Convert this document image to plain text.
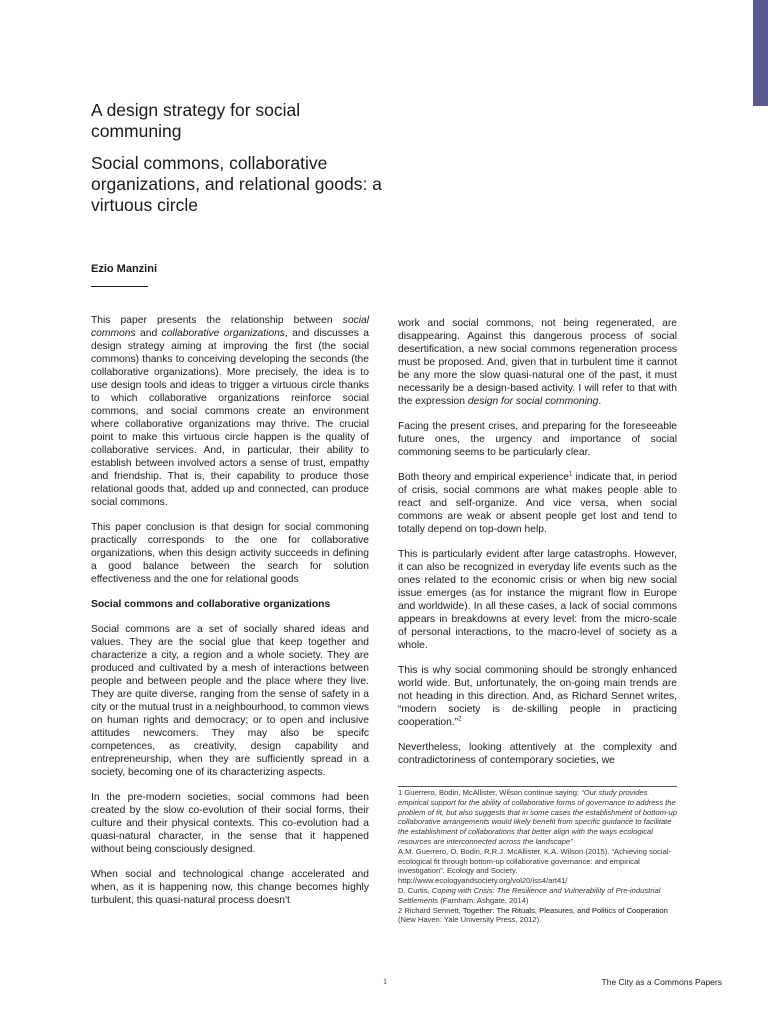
A design strategy for social communing
Social commons, collaborative organizations, and relational goods: a virtuous circle
Ezio Manzini

This paper presents the relationship between social commons and collaborative organizations, and discusses a design strategy aiming at improving the first (the social commons) thanks to conceiving developing the seconds (the collaborative organizations). More precisely, the idea is to use design tools and ideas to trigger a virtuous circle thanks to which collaborative organizations reinforce social commons, and social commons create an environment where collaborative organizations may thrive. The crucial point to make this virtuous circle happen is the quality of collaborative services. And, in particular, their ability to establish between involved actors a sense of trust, empathy and friendship. That is, their capability to produce those relational goods that, added up and connected, can produce social commons.

This paper conclusion is that design for social commoning practically corresponds to the one for collaborative organizations, when this design activity succeeds in defining a good balance between the search for solution effectiveness and the one for relational goods

Social commons and collaborative organizations

Social commons are a set of socially shared ideas and values. They are the social glue that keep together and characterize a city, a region and a whole society. They are produced and cultivated by a mesh of interactions between people and between people and the place where they live. They are quite diverse, ranging from the sense of safety in a city or the mutual trust in a neighbourhood, to common views on human rights and democracy; or to open and inclusive attitudes newcomers. They may also be specifc competences, as creativity, design capability and entrepreneurship, when they are sufficiently spread in a society, becoming one of its characterizing aspects.

In the pre-modern societies, social commons had been created by the slow co-evolution of their social forms, their culture and their physical contexts. This co-evolution had a quasi-natural character, in the sense that it happened without being consciously designed.

When social and technological change accelerated and when, as it is happening now, this change becomes highly turbulent, this quasi-natural process doesn't

work and social commons, not being regenerated, are disappearing. Against this dangerous process of social desertification, a new social commons regeneration process must be proposed. And, given that in turbulent time it cannot be any more the slow quasi-natural one of the past, it must necessarily be a design-based activity. I will refer to that with the expression design for social commoning.

Facing the present crises, and preparing for the foreseeable future ones, the urgency and importance of social commoning seems to be particularly clear.

Both theory and empirical experience$^1$ indicate that, in period of crisis, social commons are what makes people able to react and self-organize. And vice versa, when social commons are weak or absent people get lost and tend to totally depend on top-down help.

This is particularly evident after large catastrophs. However, it can also be recognized in everyday life events such as the ones related to the economic crisis or when big new social issue emerges (as for instance the migrant flow in Europe and worldwide). In all these cases, a lack of social commons appears in breakdowns at every level: from the micro-scale of personal interactions, to the macro-level of society as a whole.

This is why social commoning should be strongly enhanced world wide. But, unfortunately, the on-going main trends are not heading in this direction. And, as Richard Sennet writes, “modern society is de-skilling people in practicing cooperation.”$^2$

Nevertheless, looking attentively at the complexity and contradictoriness of contemporary societies, we

1 Guerrero, Bodin, McAllister, Wilson continue saying: “Our study provides empirical support for the ability of collaborative forms of governance to address the problem of fit, but also suggests that in some cases the establishment of bottom-up collaborative arrangements would likely benefit from specific guidance to facilitate the establishment of collaborations that better align with the ways ecological resources are interconnected across the landscape”
A.M. Guerrero, Ö. Bodin, R.R.J. McAllister, K.A. Wilson (2015). “Achieving social-ecological fit through bottom-up collaborative governance: and empirical investigation”. Ecology and Society.
http://www.ecologyandsociety.org/vol20/iss4/art41/
D. Curtis, Coping with Crisis: The Resilience and Vulnerability of Pre-industrial Settlements (Farnham: Ashgate, 2014)
2 Richard Sennett, Together: The Rituals, Pleasures, and Politics of Cooperation (New Haven: Yale University Press, 2012).
1	The City as a Commons Papers
